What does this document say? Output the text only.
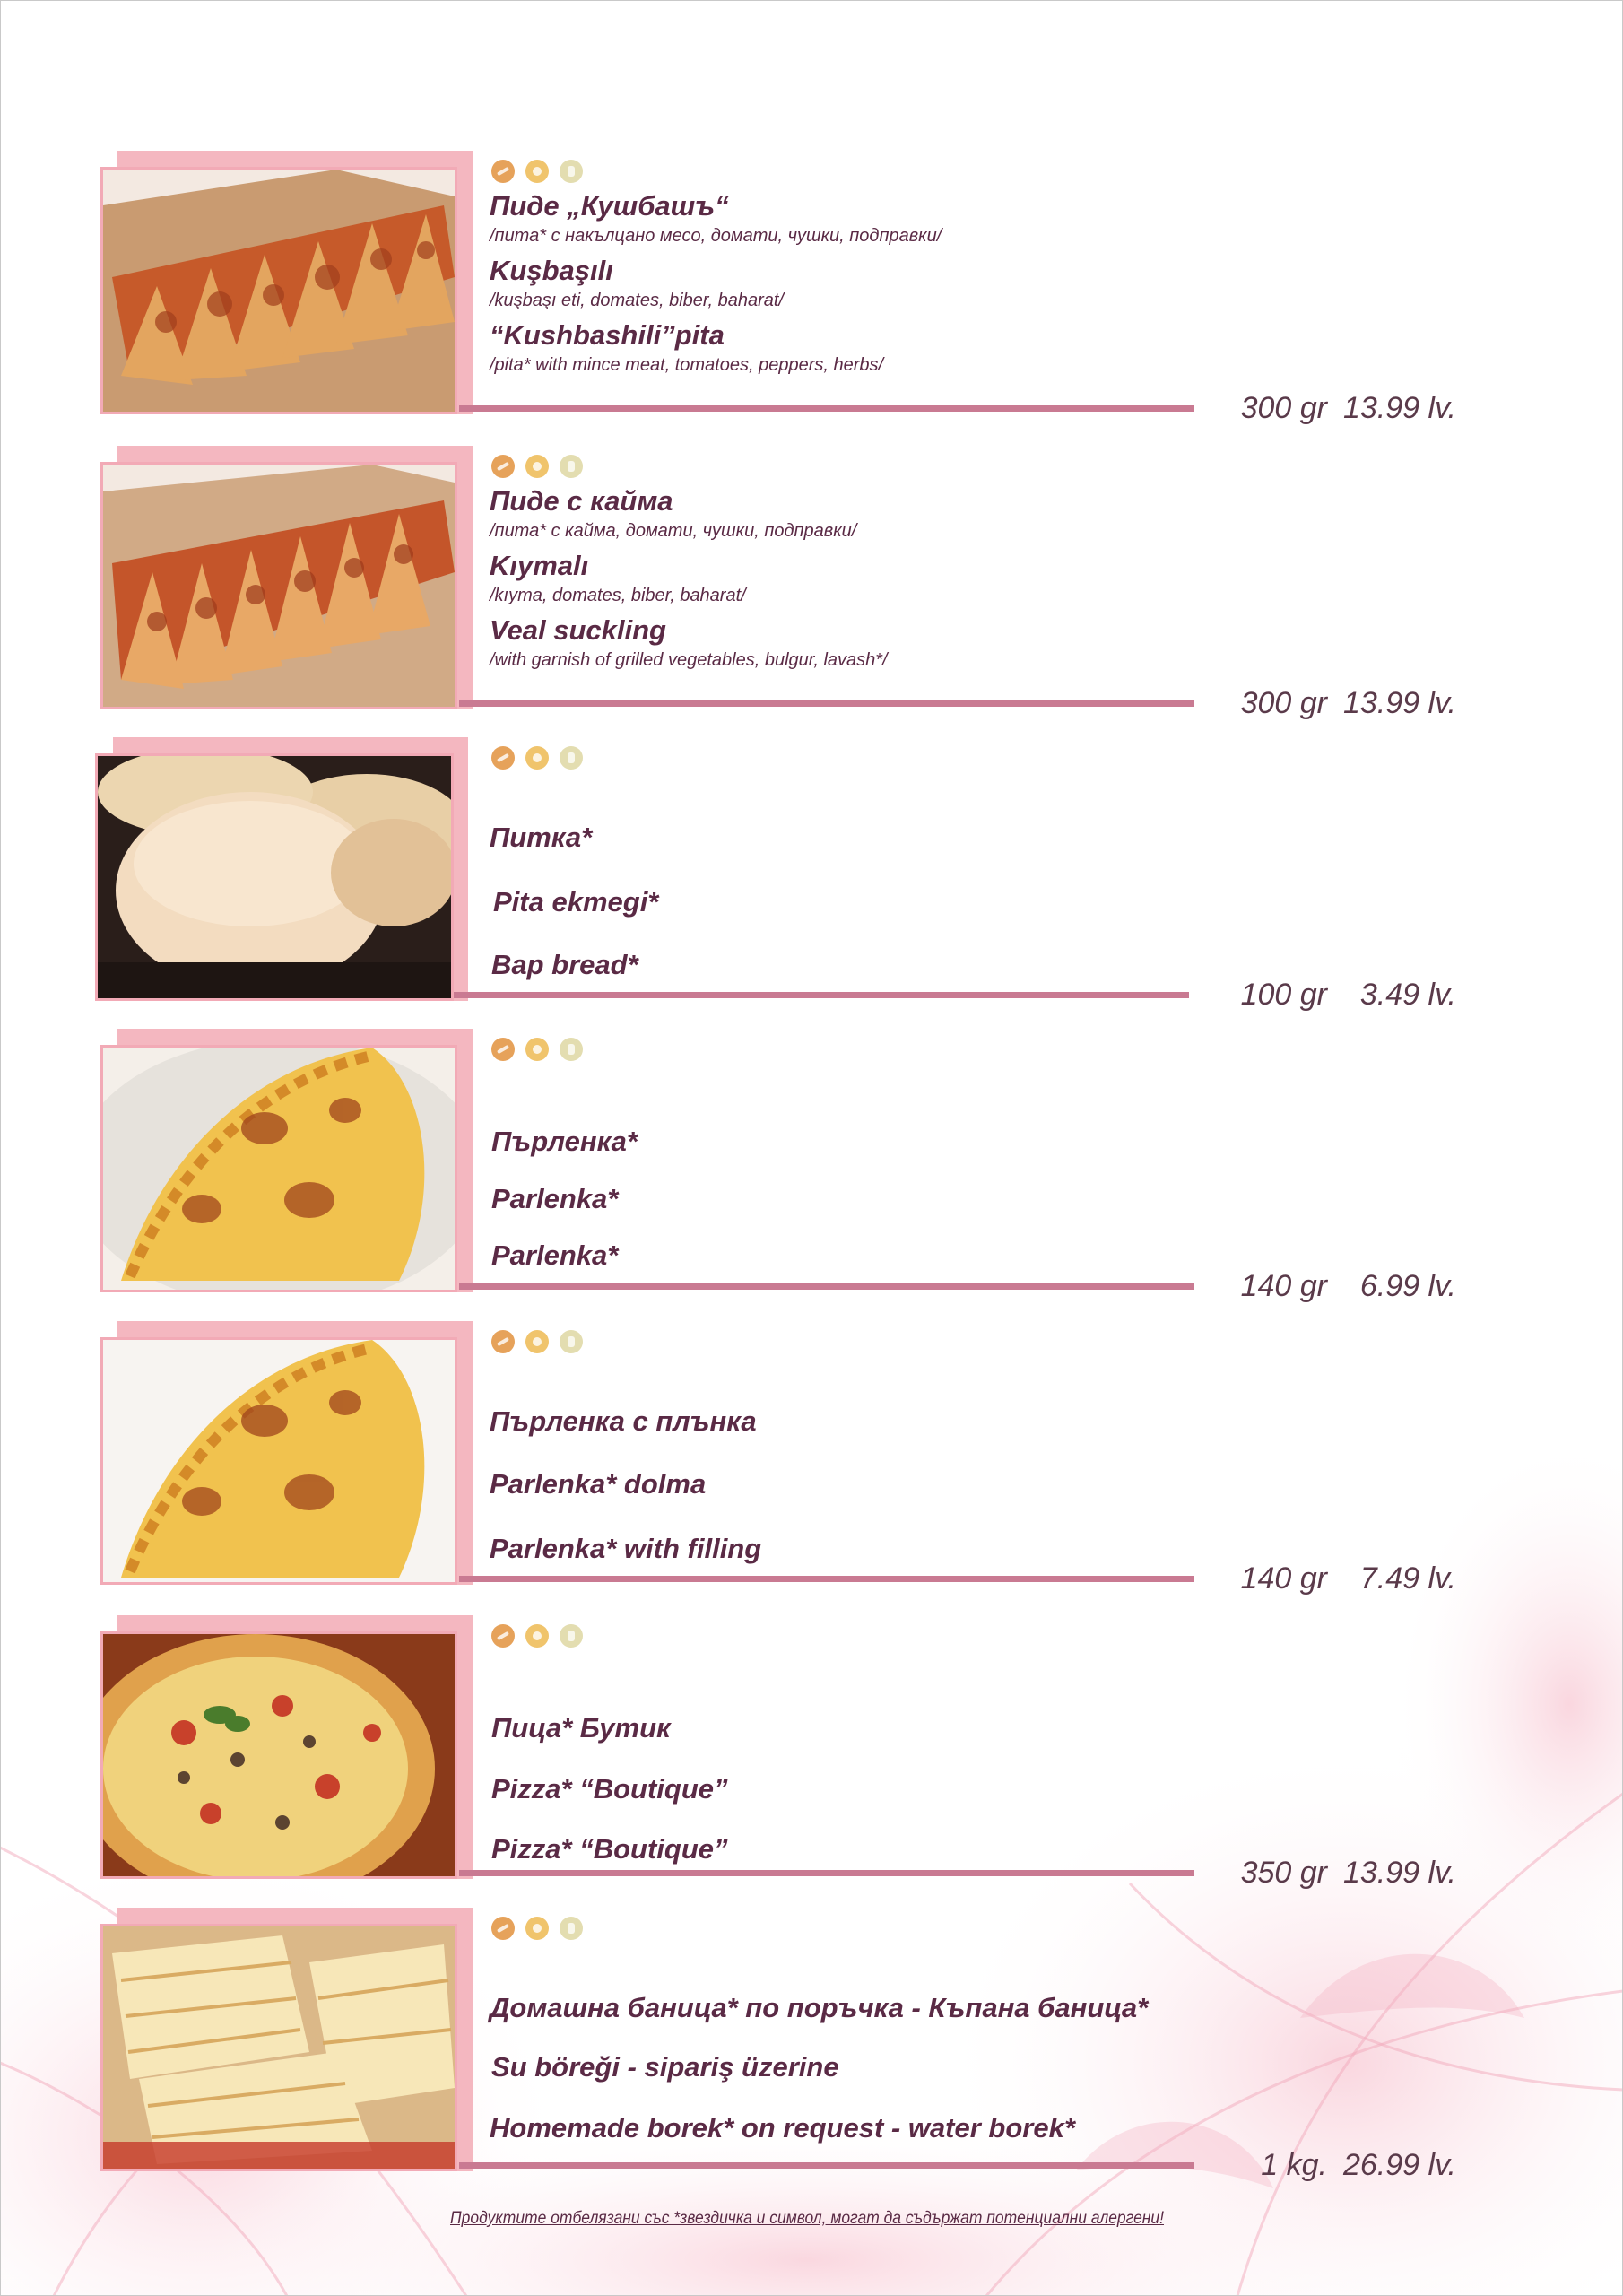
Пиде „Кушбашъ“
/пита* с накълцано месо, домати, чушки, подправки/
Kuşbaşılı
/kuşbaşı eti, domates, biber, baharat/
“Kushbashili”pita
/pita* with mince meat, tomatoes, peppers, herbs/
300 gr 13.99 lv.
Пиде с кайма
/пита* с кайма, домати, чушки, подправки/
Kıymalı
/kıyma, domates, biber, baharat/
Veal suckling
/with garnish of grilled vegetables, bulgur, lavash*/
300 gr 13.99 lv.
Питка*
Pita ekmegi*
Bap bread*
100 gr 3.49 lv.
Пърленка*
Parlenka*
Parlenka*
140 gr 6.99 lv.
Пърленка с плънка
Parlenka* dolma
Parlenka* with filling
140 gr 7.49 lv.
Пица* Бутик
Pizza* “Boutique”
Pizza* “Boutique”
350 gr 13.99 lv.
Домашна баница* по поръчка - Къпана баница*
Su böreği - sipariş üzerine
Homemade borek* on request - water borek*
1 kg. 26.99 lv.
Продуктите отбелязани със *звездичка и символ, могат да съдържат потенциални алергени!
